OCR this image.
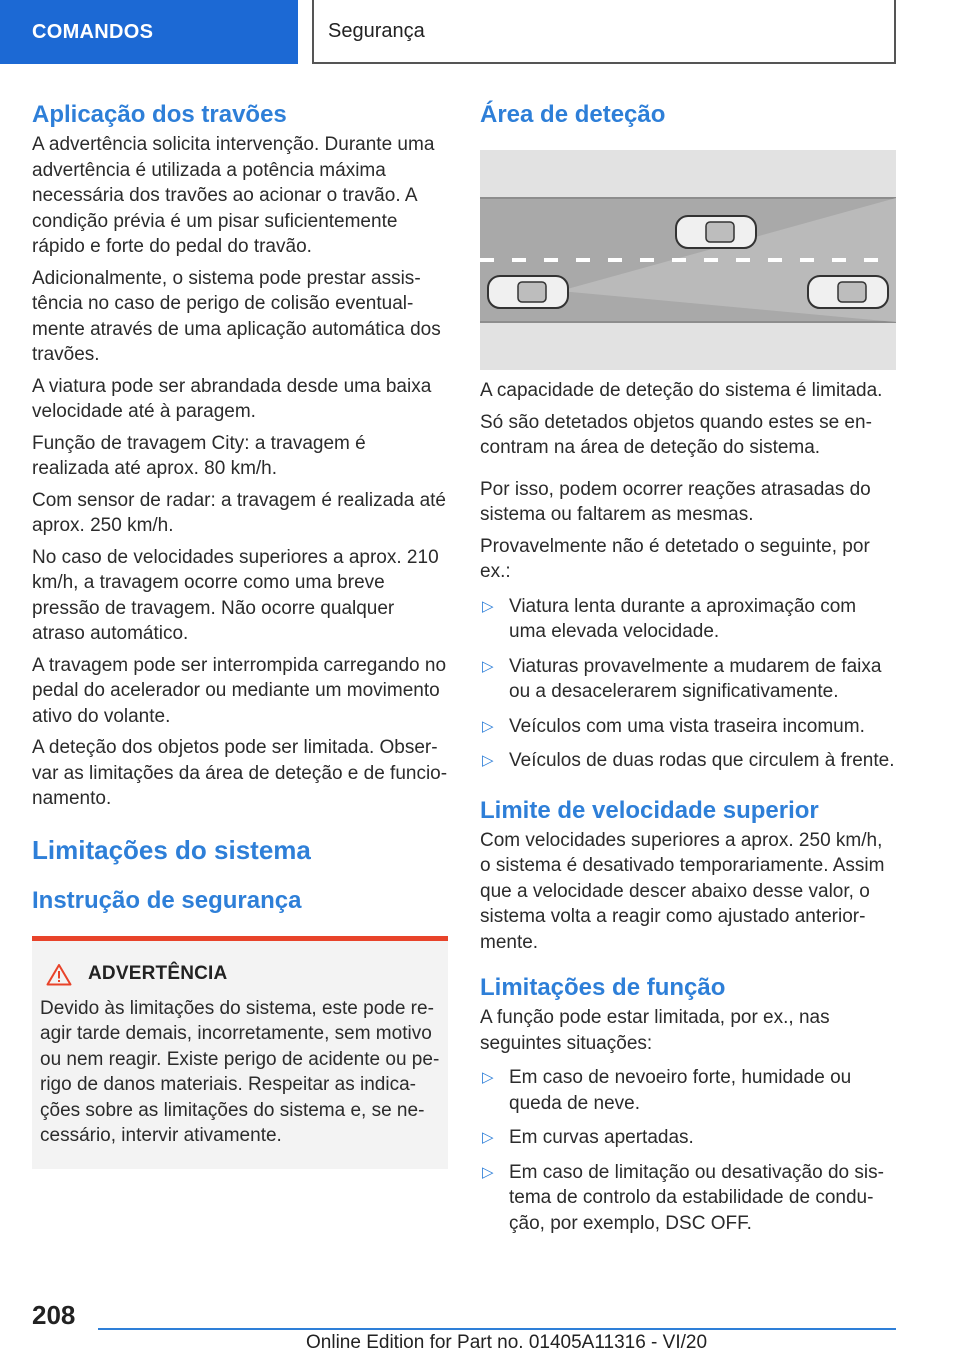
COMANDOS	Segurança
Aplicação dos travões

A advertência solicita intervenção. Durante uma advertência é utilizada a potência máxima necessária dos travões ao acionar o travão. A condição prévia é um pisar suficientemente rápido e forte do pedal do travão.

Adicionalmente, o sistema pode prestar assistência no caso de perigo de colisão eventualmente através de uma aplicação automática dos travões.

A viatura pode ser abrandada desde uma baixa velocidade até à paragem.

Função de travagem City: a travagem é realizada até aprox. 80 km/h.

Com sensor de radar: a travagem é realizada até aprox. 250 km/h.

No caso de velocidades superiores a aprox. 210 km/h, a travagem ocorre como uma breve pressão de travagem. Não ocorre qualquer atraso automático.

A travagem pode ser interrompida carregando no pedal do acelerador ou mediante um movimento ativo do volante.

A deteção dos objetos pode ser limitada. Observar as limitações da área de deteção e de funcionamento.

Limitações do sistema
Instrução de segurança
ADVERTÊNCIA

Devido às limitações do sistema, este pode reagir tarde demais, incorretamente, sem motivo ou nem reagir. Existe perigo de acidente ou perigo de danos materiais. Respeitar as indicações sobre as limitações do sistema e, se necessário, intervir ativamente.

Área de deteção

A capacidade de deteção do sistema é limitada.

Só são detetados objetos quando estes se encontram na área de deteção do sistema.

Por isso, podem ocorrer reações atrasadas do sistema ou faltarem as mesmas.

Provavelmente não é detetado o seguinte, por ex.:

▷ Viatura lenta durante a aproximação com uma elevada velocidade.
▷ Viaturas provavelmente a mudarem de faixa ou a desacelerarem significativamente.
▷ Veículos com uma vista traseira incomum.
▷ Veículos de duas rodas que circulem à frente.
Limite de velocidade superior

Com velocidades superiores a aprox. 250 km/h, o sistema é desativado temporariamente. Assim que a velocidade descer abaixo desse valor, o sistema volta a reagir como ajustado anteriormente.

Limitações de função

A função pode estar limitada, por ex., nas seguintes situações:

▷ Em caso de nevoeiro forte, humidade ou queda de neve.
▷ Em curvas apertadas.
▷ Em caso de limitação ou desativação do sistema de controlo da estabilidade de condução, por exemplo, DSC OFF.
208
Online Edition for Part no. 01405A11316 - VI/20
